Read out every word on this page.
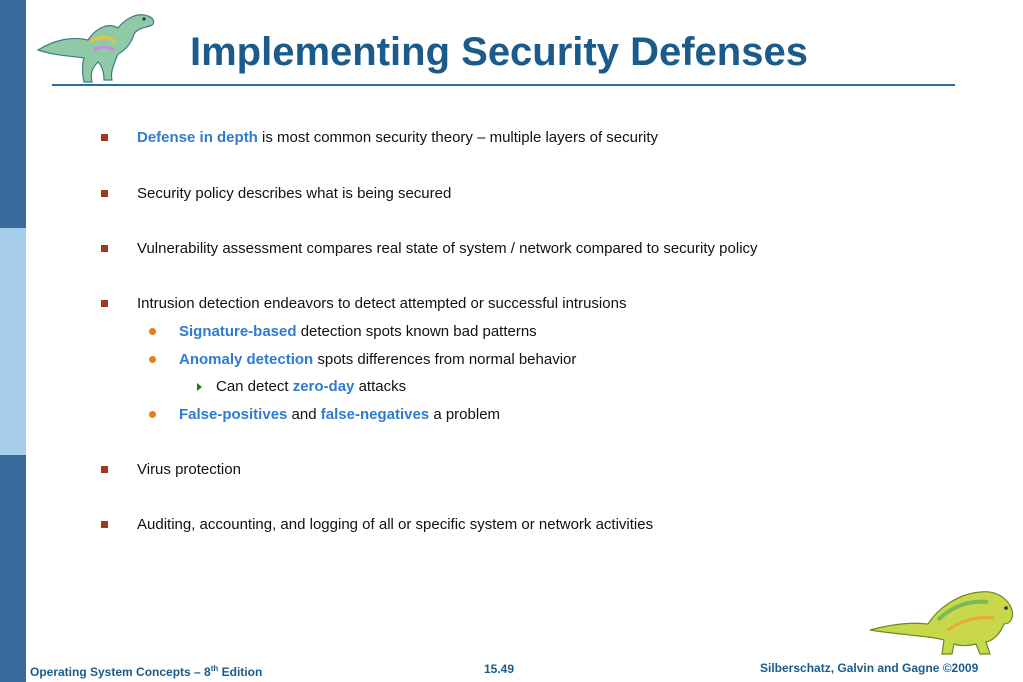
Implementing Security Defenses
Defense in depth is most common security theory – multiple layers of security
Security policy describes what is being secured
Vulnerability assessment compares real state of system / network compared to security policy
Intrusion detection endeavors to detect attempted or successful intrusions
Signature-based detection spots known bad patterns
Anomaly detection spots differences from normal behavior
Can detect zero-day attacks
False-positives and false-negatives a problem
Virus protection
Auditing, accounting, and logging of all or specific system or network activities
Operating System Concepts – 8th Edition	15.49	Silberschatz, Galvin and Gagne ©2009
